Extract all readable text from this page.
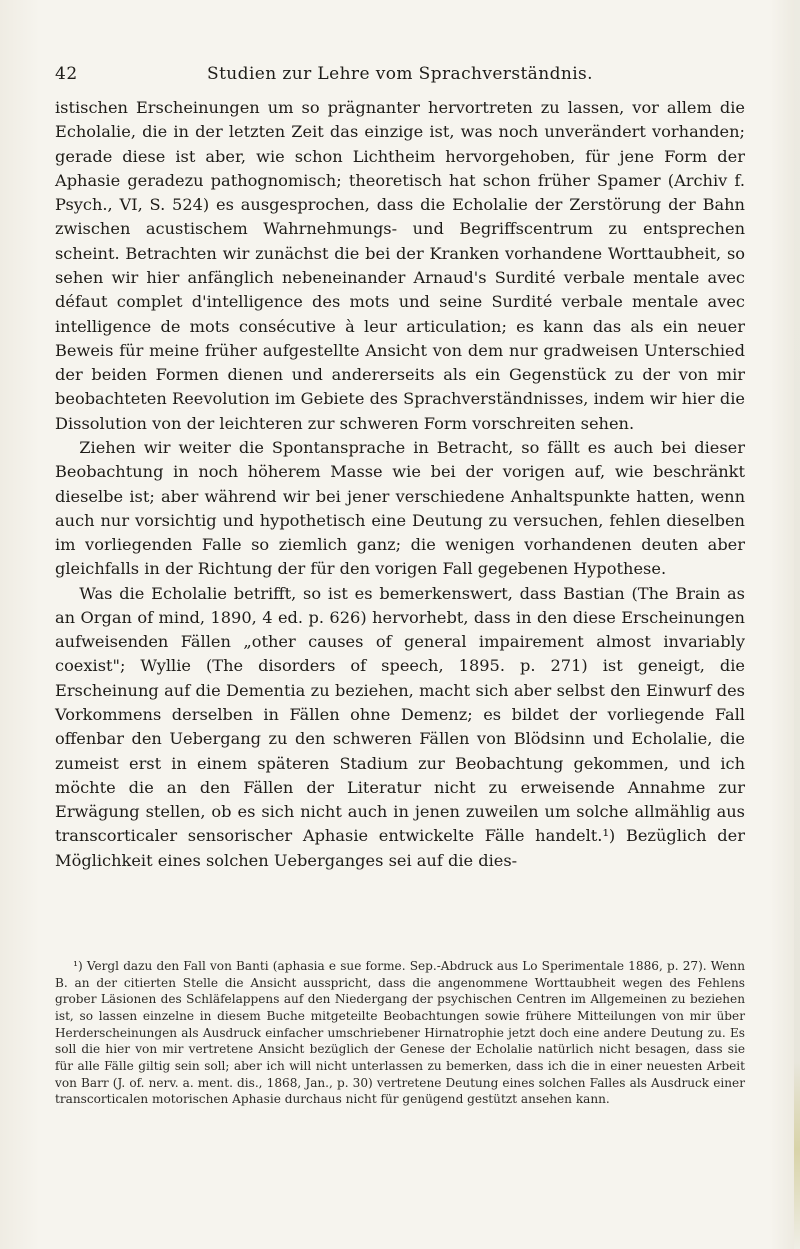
42	Studien zur Lehre vom Sprachverständnis.

istischen Erscheinungen um so prägnanter hervortreten zu lassen, vor allem die Echolalie, die in der letzten Zeit das einzige ist, was noch unverändert vorhanden; gerade diese ist aber, wie schon Lichtheim hervorgehoben, für jene Form der Aphasie geradezu pathognomisch; theoretisch hat schon früher Spamer (Archiv f. Psych., VI, S. 524) es ausgesprochen, dass die Echolalie der Zerstörung der Bahn zwischen acustischem Wahrnehmungs- und Begriffscentrum zu entsprechen scheint. Betrachten wir zunächst die bei der Kranken vorhandene Worttaubheit, so sehen wir hier anfänglich nebeneinander Arnaud's Surdité verbale mentale avec défaut complet d'intelligence des mots und seine Surdité verbale mentale avec intelligence de mots consécutive à leur articulation; es kann das als ein neuer Beweis für meine früher aufgestellte Ansicht von dem nur gradweisen Unterschied der beiden Formen dienen und andererseits als ein Gegenstück zu der von mir beobachteten Reevolution im Gebiete des Sprachverständnisses, indem wir hier die Dissolution von der leichteren zur schweren Form vorschreiten sehen.

Ziehen wir weiter die Spontansprache in Betracht, so fällt es auch bei dieser Beobachtung in noch höherem Masse wie bei der vorigen auf, wie beschränkt dieselbe ist; aber während wir bei jener verschiedene Anhaltspunkte hatten, wenn auch nur vorsichtig und hypothetisch eine Deutung zu versuchen, fehlen dieselben im vorliegenden Falle so ziemlich ganz; die wenigen vorhandenen deuten aber gleichfalls in der Richtung der für den vorigen Fall gegebenen Hypothese.

Was die Echolalie betrifft, so ist es bemerkenswert, dass Bastian (The Brain as an Organ of mind, 1890, 4 ed. p. 626) hervorhebt, dass in den diese Erscheinungen aufweisenden Fällen „other causes of general impairement almost invariably coexist"; Wyllie (The disorders of speech, 1895. p. 271) ist geneigt, die Erscheinung auf die Dementia zu beziehen, macht sich aber selbst den Einwurf des Vorkommens derselben in Fällen ohne Demenz; es bildet der vorliegende Fall offenbar den Uebergang zu den schweren Fällen von Blödsinn und Echolalie, die zumeist erst in einem späteren Stadium zur Beobachtung gekommen, und ich möchte die an den Fällen der Literatur nicht zu erweisende Annahme zur Erwägung stellen, ob es sich nicht auch in jenen zuweilen um solche allmählig aus transcorticaler sensorischer Aphasie entwickelte Fälle handelt.¹) Bezüglich der Möglichkeit eines solchen Ueberganges sei auf die dies-

¹) Vergl dazu den Fall von Banti (aphasia e sue forme. Sep.-Abdruck aus Lo Sperimentale 1886, p. 27). Wenn B. an der citierten Stelle die Ansicht ausspricht, dass die angenommene Worttaubheit wegen des Fehlens grober Läsionen des Schläfelappens auf den Niedergang der psychischen Centren im Allgemeinen zu beziehen ist, so lassen einzelne in diesem Buche mitgeteilte Beobachtungen sowie frühere Mitteilungen von mir über Herderscheinungen als Ausdruck einfacher umschriebener Hirnatrophie jetzt doch eine andere Deutung zu. Es soll die hier von mir vertretene Ansicht bezüglich der Genese der Echolalie natürlich nicht besagen, dass sie für alle Fälle giltig sein soll; aber ich will nicht unterlassen zu bemerken, dass ich die in einer neuesten Arbeit von Barr (J. of. nerv. a. ment. dis., 1868, Jan., p. 30) vertretene Deutung eines solchen Falles als Ausdruck einer transcorticalen motorischen Aphasie durchaus nicht für genügend gestützt ansehen kann.
